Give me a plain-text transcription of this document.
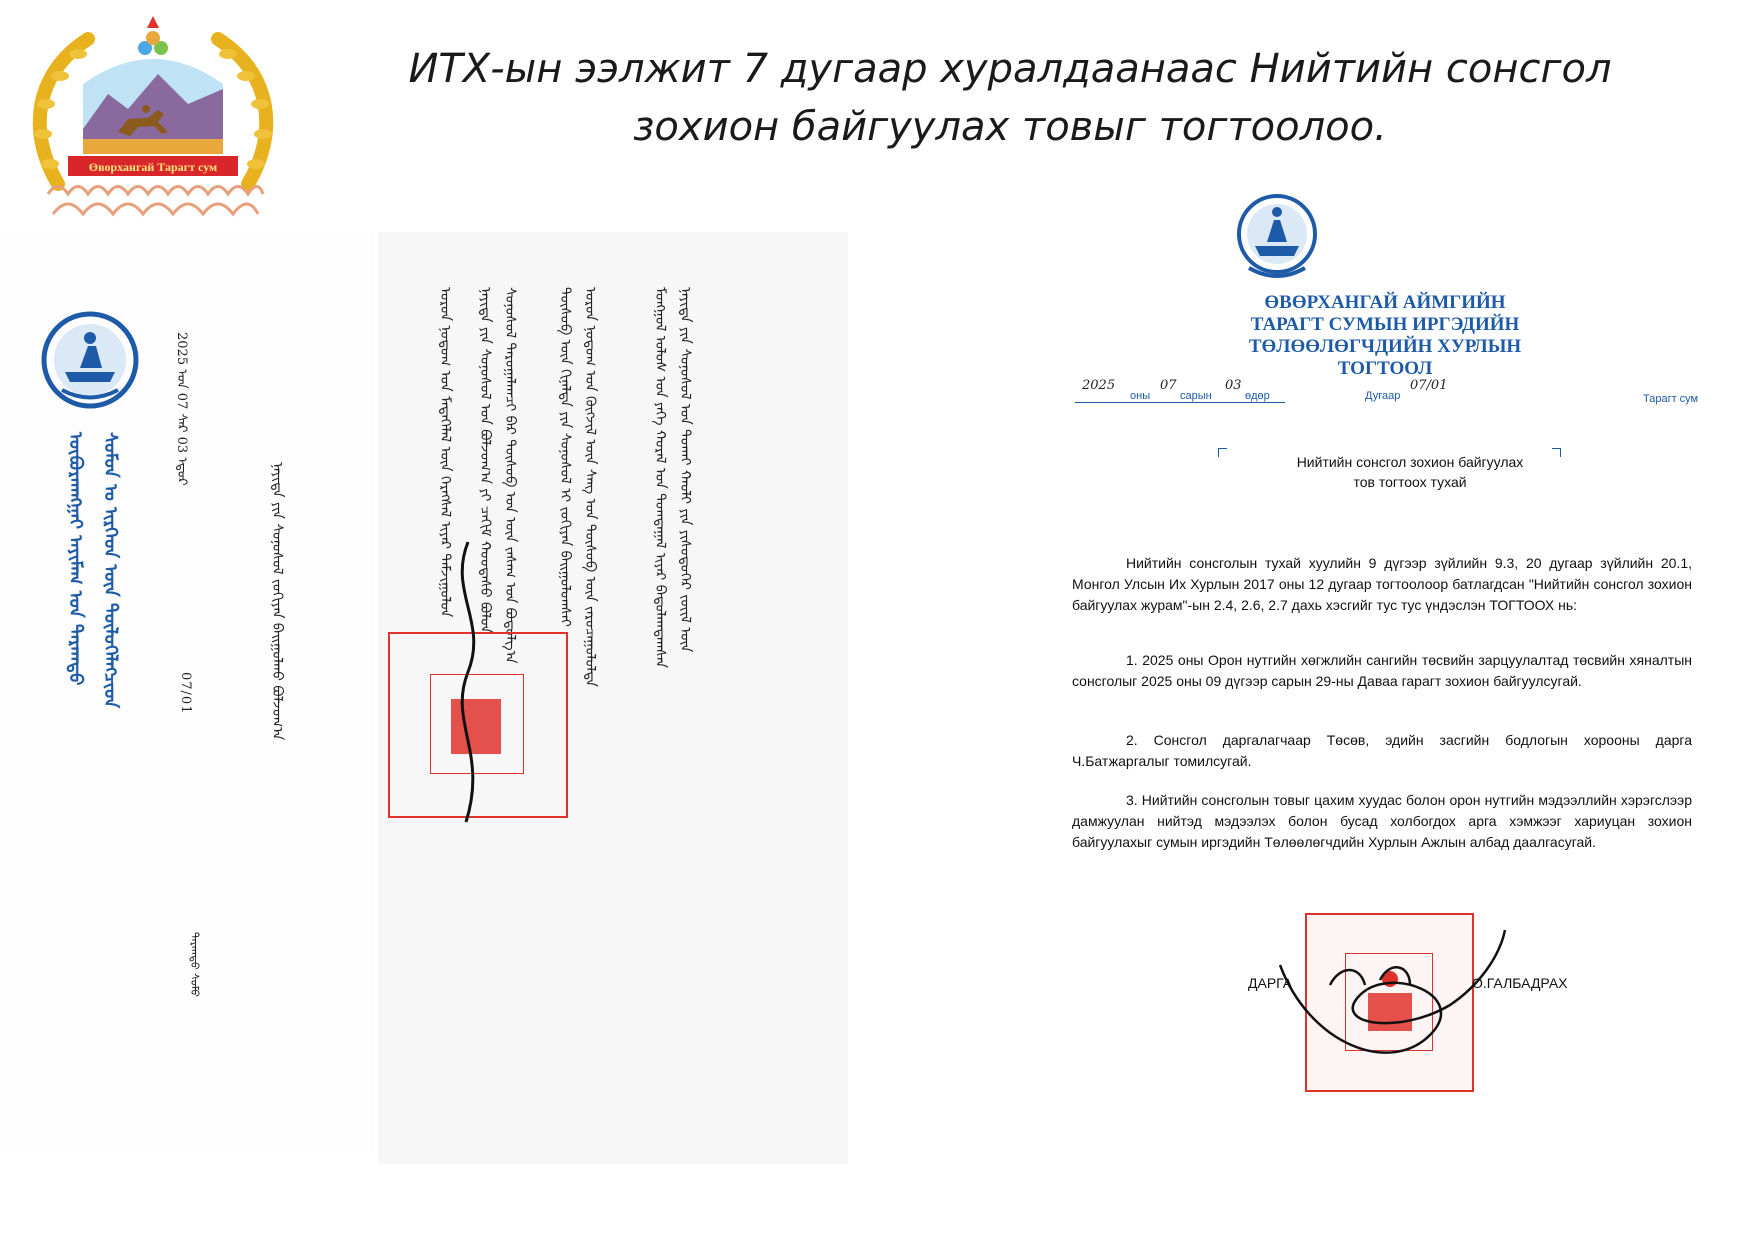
ИТХ-ын ээлжит 7 дугаар хуралдаанаас Нийтийн сонсгол
зохион байгуулах товыг тогтоолоо.
Өворхангай Тарагт сум
ᠥᠪᠥᠷᠬᠠᠩᠭᠠᠢ ᠠᠶᠢᠮᠠᠭ ᠤᠨ ᠲᠠᠷᠠᠭᠲᠤ ᠰᠤᠮᠤᠨ ᠤ ᠢᠷᠭᠡᠳ ᠦᠨ ᠲᠥᠯᠥᠭᠡᠯᠡᠭᠴᠢᠳ
2025 ᠣᠨ 07 ᠰᠠᠷ 03 ᠡᠳᠦᠷ
07/01	ᠨᠡᠶᠢᠲᠡ ᠶᠢᠨ ᠰᠣᠨᠤᠰᠤᠯ ᠵᠣᠬᠢᠶᠠᠨ ᠪᠠᠢᠭᠤᠯᠬᠤ ᠪᠣᠯᠵᠣᠭ᠎ᠠ
ᠲᠠᠷᠠᠭᠲᠤ ᠰᠤᠮᠤ
ᠨᠡᠶᠢᠲᠡ ᠶᠢᠨ ᠰᠣᠨᠤᠰᠤᠯ ᠤᠨ ᠲᠤᠬᠠᠢ ᠬᠠᠤᠯᠢ ᠶᠢᠨ ᠶᠢᠰᠦᠳᠦᠭᠡᠷ ᠵᠦᠢᠯ ᠦᠨ
ᠮᠣᠩᠭᠣᠯ ᠤᠯᠤᠰ ᠤᠨ ᠶᠡᠬᠡ ᠬᠤᠷᠠᠯ ᠤᠨ ᠲᠣᠭᠲᠠᠭᠠᠯ ᠢᠶᠠᠷ ᠪᠠᠲᠤᠯᠠᠭᠳᠠᠭᠰᠠᠨ
ᠣᠷᠣᠨ ᠨᠤᠲᠤᠭ ᠤᠨ ᠬᠥᠭᠵᠢᠯ ᠦᠨ ᠰᠠᠩ ᠤᠨ ᠲᠥᠰᠥᠪ ᠦᠨ ᠵᠠᠷᠤᠴᠠᠭᠤᠯᠤᠯᠲᠠ
ᠲᠥᠰᠥᠪ ᠦᠨ ᠬᠢᠨᠠᠯᠲᠠ ᠶᠢᠨ ᠰᠣᠨᠤᠰᠤᠯ ᠢ ᠵᠣᠬᠢᠶᠠᠨ ᠪᠠᠢᠭᠤᠯᠤᠭᠰᠠᠢ
ᠰᠣᠨᠤᠰᠤᠯ ᠳᠠᠷᠤᠭᠠᠯᠠᠭᠴᠢ ᠪᠠᠷ ᠲᠥᠰᠥᠪ ᠡᠳ ᠦᠨ ᠵᠠᠰᠠᠭ ᠤᠨ ᠪᠣᠳᠣᠯᠭ᠎ᠠ
ᠨᠡᠶᠢᠲᠡ ᠶᠢᠨ ᠰᠣᠨᠤᠰᠤᠯ ᠤᠨ ᠪᠣᠯᠵᠣᠭ᠎ᠠ ᠶᠢ ᠴᠠᠬᠢᠮ ᠬᠤᠤᠳᠠᠰᠤ ᠪᠣᠯᠤᠨ
ᠣᠷᠣᠨ ᠨᠤᠲᠤᠭ ᠤᠨ ᠮᠡᠳᠡᠭᠡᠯᠡᠯ ᠦᠨ ᠬᠡᠷᠡᠭᠰᠡᠯ ᠢᠶᠡᠷ ᠳᠠᠮᠵᠢᠭᠤᠯᠤᠨ	ӨВӨРХАНГАЙ АЙМГИЙН
ТАРАГТ СУМЫН ИРГЭДИЙН
ТӨЛӨӨЛӨГЧДИЙН ХУРЛЫН
ТОГТООЛ
2025
оны
07
сарын
03
өдөр	Дугаар
07/01
Тарагт сум
Нийтийн сонсгол зохион байгуулах
тов тогтоох тухай
Нийтийн сонсголын тухай хуулийн 9 дүгээр зүйлийн 9.3, 20 дугаар зүйлийн 20.1, Монгол Улсын Их Хурлын 2017 оны 12 дугаар тогтоолоор батлагдсан "Нийтийн сонсгол зохион байгуулах журам"-ын 2.4, 2.6, 2.7 дахь хэсгийг тус тус үндэслэн ТОГТООХ нь:
1. 2025 оны Орон нутгийн хөгжлийн сангийн төсвийн зарцуулалтад төсвийн хяналтын сонсголыг 2025 оны 09 дүгээр сарын 29-ны Даваа гарагт зохион байгуулсугай.
2. Сонсгол даргалагчаар Төсөв, эдийн засгийн бодлогын хорооны дарга Ч.Батжаргалыг томилсугай.
3. Нийтийн сонсголын товыг цахим хуудас болон орон нутгийн мэдээллийн хэрэгслээр дамжуулан нийтэд мэдээлэх болон бусад холбогдох арга хэмжээг хариуцан зохион байгуулахыг сумын иргэдийн Төлөөлөгчдийн Хурлын Ажлын албад даалгасугай.
ДАРГА	О.ГАЛБАДРАХ
